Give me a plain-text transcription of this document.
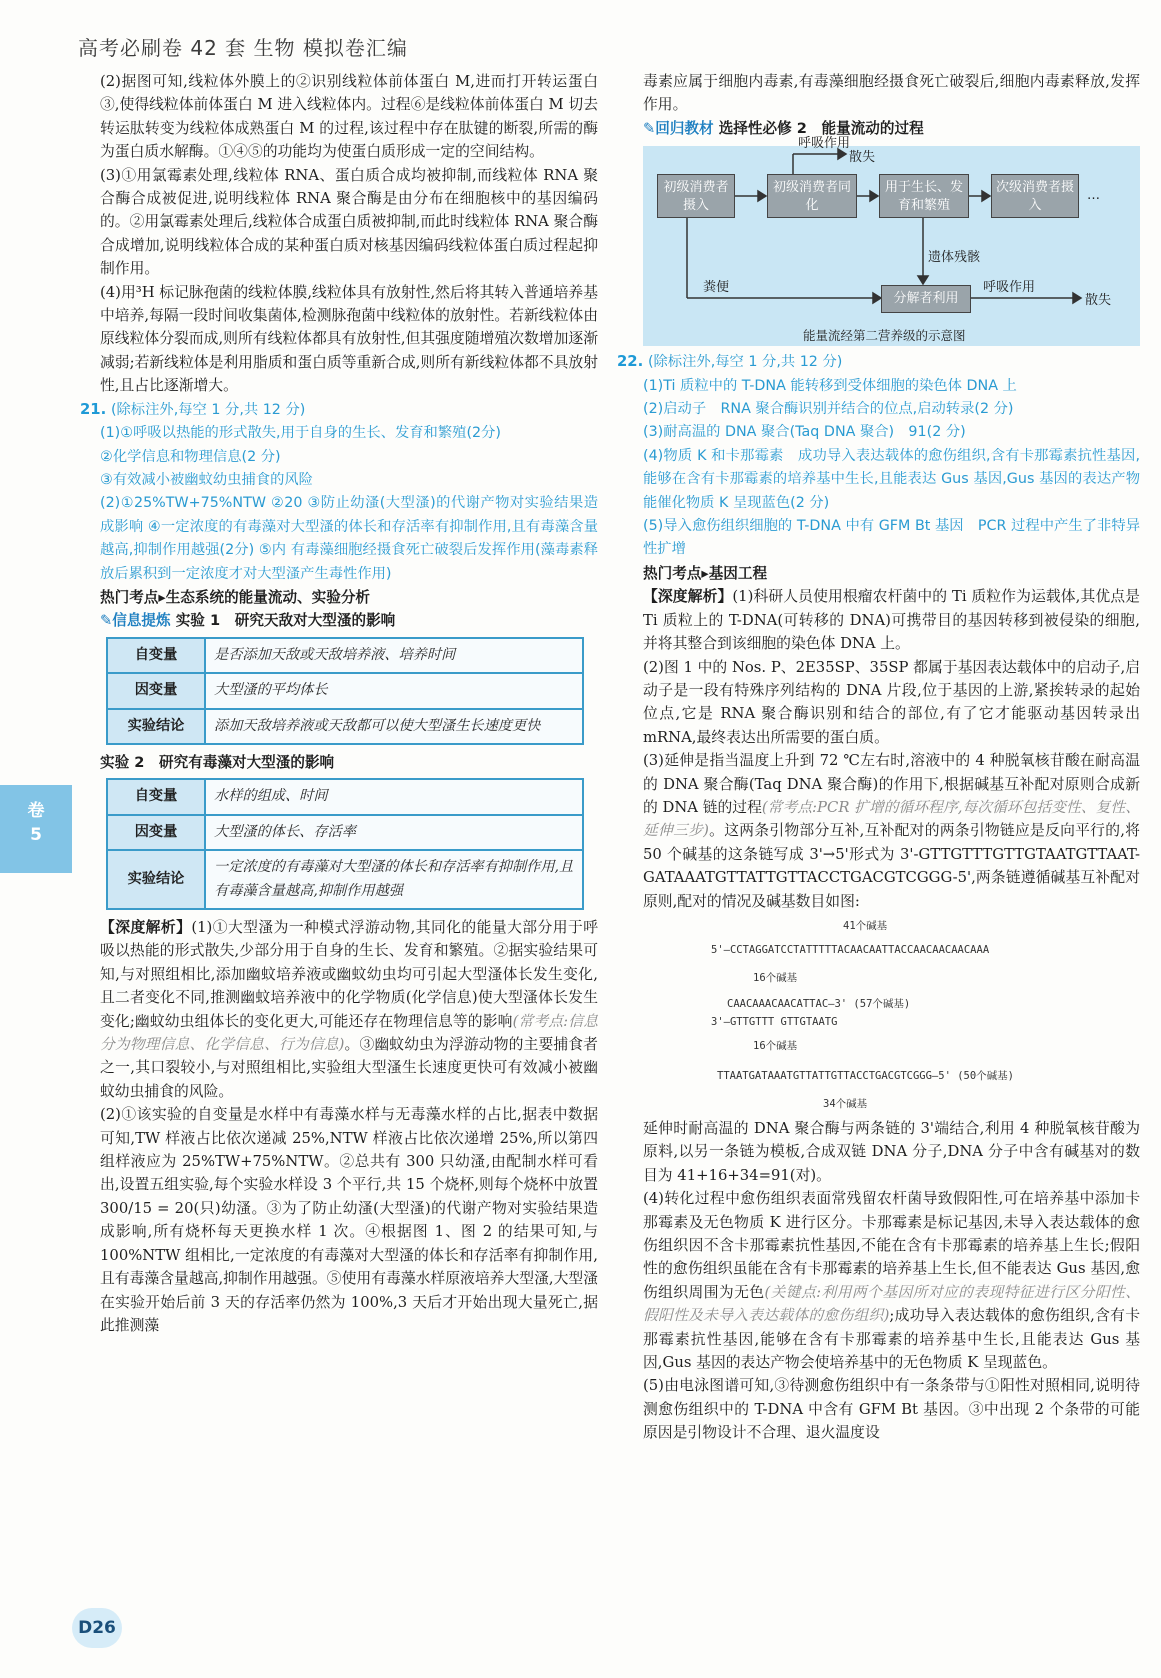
高考必刷卷 42 套 生物 模拟卷汇编
卷
5
D26

(2)据图可知,线粒体外膜上的②识别线粒体前体蛋白 M,进而打开转运蛋白③,使得线粒体前体蛋白 M 进入线粒体内。过程⑥是线粒体前体蛋白 M 切去转运肽转变为线粒体成熟蛋白 M 的过程,该过程中存在肽键的断裂,所需的酶为蛋白质水解酶。①④⑤的功能均为使蛋白质形成一定的空间结构。

(3)①用氯霉素处理,线粒体 RNA、蛋白质合成均被抑制,而线粒体 RNA 聚合酶合成被促进,说明线粒体 RNA 聚合酶是由分布在细胞核中的基因编码的。②用氯霉素处理后,线粒体合成蛋白质被抑制,而此时线粒体 RNA 聚合酶合成增加,说明线粒体合成的某种蛋白质对核基因编码线粒体蛋白质过程起抑制作用。

(4)用³H 标记脉孢菌的线粒体膜,线粒体具有放射性,然后将其转入普通培养基中培养,每隔一段时间收集菌体,检测脉孢菌中线粒体的放射性。若新线粒体由原线粒体分裂而成,则所有线粒体都具有放射性,但其强度随增殖次数增加逐渐减弱;若新线粒体是利用脂质和蛋白质等重新合成,则所有新线粒体都不具放射性,且占比逐渐增大。

21. (除标注外,每空 1 分,共 12 分)

(1)①呼吸以热能的形式散失,用于自身的生长、发育和繁殖(2分)

②化学信息和物理信息(2 分)

③有效减小被幽蚊幼虫捕食的风险

(2)①25%TW+75%NTW ②20 ③防止幼溞(大型溞)的代谢产物对实验结果造成影响 ④一定浓度的有毒藻对大型溞的体长和存活率有抑制作用,且有毒藻含量越高,抑制作用越强(2分) ⑤内 有毒藻细胞经摄食死亡破裂后发挥作用(藻毒素释放后累积到一定浓度才对大型溞产生毒性作用)

热门考点▸生态系统的能量流动、实验分析

✎信息提炼 实验 1　研究天敌对大型溞的影响

自变量	是否添加天敌或天敌培养液、培养时间
因变量	大型溞的平均体长
实验结论	添加天敌培养液或天敌都可以使大型溞生长速度更快

实验 2　研究有毒藻对大型溞的影响

自变量	水样的组成、时间
因变量	大型溞的体长、存活率
实验结论	一定浓度的有毒藻对大型溞的体长和存活率有抑制作用,且有毒藻含量越高,抑制作用越强

【深度解析】(1)①大型溞为一种模式浮游动物,其同化的能量大部分用于呼吸以热能的形式散失,少部分用于自身的生长、发育和繁殖。②据实验结果可知,与对照组相比,添加幽蚊培养液或幽蚊幼虫均可引起大型溞体长发生变化,且二者变化不同,推测幽蚊培养液中的化学物质(化学信息)使大型溞体长发生变化;幽蚊幼虫组体长的变化更大,可能还存在物理信息等的影响(常考点:信息分为物理信息、化学信息、行为信息)。③幽蚊幼虫为浮游动物的主要捕食者之一,其口裂较小,与对照组相比,实验组大型溞生长速度更快可有效减小被幽蚊幼虫捕食的风险。

(2)①该实验的自变量是水样中有毒藻水样与无毒藻水样的占比,据表中数据可知,TW 样液占比依次递减 25%,NTW 样液占比依次递增 25%,所以第四组样液应为 25%TW+75%NTW。②总共有 300 只幼溞,由配制水样可看出,设置五组实验,每个实验水样设 3 个平行,共 15 个烧杯,则每个烧杯中放置 300/15 = 20(只)幼溞。③为了防止幼溞(大型溞)的代谢产物对实验结果造成影响,所有烧杯每天更换水样 1 次。④根据图 1、图 2 的结果可知,与 100%NTW 组相比,一定浓度的有毒藻对大型溞的体长和存活率有抑制作用,且有毒藻含量越高,抑制作用越强。⑤使用有毒藻水样原液培养大型溞,大型溞在实验开始后前 3 天的存活率仍然为 100%,3 天后才开始出现大量死亡,据此推测藻

毒素应属于细胞内毒素,有毒藻细胞经摄食死亡破裂后,细胞内毒素释放,发挥作用。

✎回归教材 选择性必修 2　能量流动的过程

初级消费者摄入
初级消费者同化
用于生长、发育和繁殖
次级消费者摄入
分解者利用
呼吸作用
散失
粪便
遗体残骸
呼吸作用
散失
…
能量流经第二营养级的示意图

22. (除标注外,每空 1 分,共 12 分)

(1)Ti 质粒中的 T-DNA 能转移到受体细胞的染色体 DNA 上

(2)启动子　RNA 聚合酶识别并结合的位点,启动转录(2 分)

(3)耐高温的 DNA 聚合(Taq DNA 聚合)　91(2 分)

(4)物质 K 和卡那霉素　成功导入表达载体的愈伤组织,含有卡那霉素抗性基因,能够在含有卡那霉素的培养基中生长,且能表达 Gus 基因,Gus 基因的表达产物能催化物质 K 呈现蓝色(2 分)

(5)导入愈伤组织细胞的 T-DNA 中有 GFM Bt 基因　PCR 过程中产生了非特异性扩增

热门考点▸基因工程

【深度解析】(1)科研人员使用根瘤农杆菌中的 Ti 质粒作为运载体,其优点是 Ti 质粒上的 T-DNA(可转移的 DNA)可携带目的基因转移到被侵染的细胞,并将其整合到该细胞的染色体 DNA 上。

(2)图 1 中的 Nos. P、2E35SP、35SP 都属于基因表达载体中的启动子,启动子是一段有特殊序列结构的 DNA 片段,位于基因的上游,紧挨转录的起始位点,它是 RNA 聚合酶识别和结合的部位,有了它才能驱动基因转录出 mRNA,最终表达出所需要的蛋白质。

(3)延伸是指当温度上升到 72 ℃左右时,溶液中的 4 种脱氧核苷酸在耐高温的 DNA 聚合酶(Taq DNA 聚合酶)的作用下,根据碱基互补配对原则合成新的 DNA 链的过程(常考点:PCR 扩增的循环程序,每次循环包括变性、复性、延伸三步)。这两条引物部分互补,互补配对的两条引物链应是反向平行的,将 50 个碱基的这条链写成 3'→5'形式为 3'-GTTGTTTGTTGTAATGTTAAT-GATAAATGTTATTGTTACCTGACGTCGGG-5',两条链遵循碱基互补配对原则,配对的情况及碱基数目如图:

41个碱基
5'—CCTAGGATCCTATTTTTACAACAATTACCAACAACAACAAA
16个碱基
CAACAAACAACATTAC—3' (57个碱基)
3'—GTTGTTT GTTGTAATG
16个碱基
TTAATGATAAATGTTATTGTTACCTGACGTCGGG—5' (50个碱基)
34个碱基

延伸时耐高温的 DNA 聚合酶与两条链的 3'端结合,利用 4 种脱氧核苷酸为原料,以另一条链为模板,合成双链 DNA 分子,DNA 分子中含有碱基对的数目为 41+16+34=91(对)。

(4)转化过程中愈伤组织表面常残留农杆菌导致假阳性,可在培养基中添加卡那霉素及无色物质 K 进行区分。卡那霉素是标记基因,未导入表达载体的愈伤组织因不含卡那霉素抗性基因,不能在含有卡那霉素的培养基上生长;假阳性的愈伤组织虽能在含有卡那霉素的培养基上生长,但不能表达 Gus 基因,愈伤组织周围为无色(关键点:利用两个基因所对应的表现特征进行区分阳性、假阳性及未导入表达载体的愈伤组织);成功导入表达载体的愈伤组织,含有卡那霉素抗性基因,能够在含有卡那霉素的培养基中生长,且能表达 Gus 基因,Gus 基因的表达产物会使培养基中的无色物质 K 呈现蓝色。

(5)由电泳图谱可知,③待测愈伤组织中有一条条带与①阳性对照相同,说明待测愈伤组织中的 T-DNA 中含有 GFM Bt 基因。③中出现 2 个条带的可能原因是引物设计不合理、退火温度设
